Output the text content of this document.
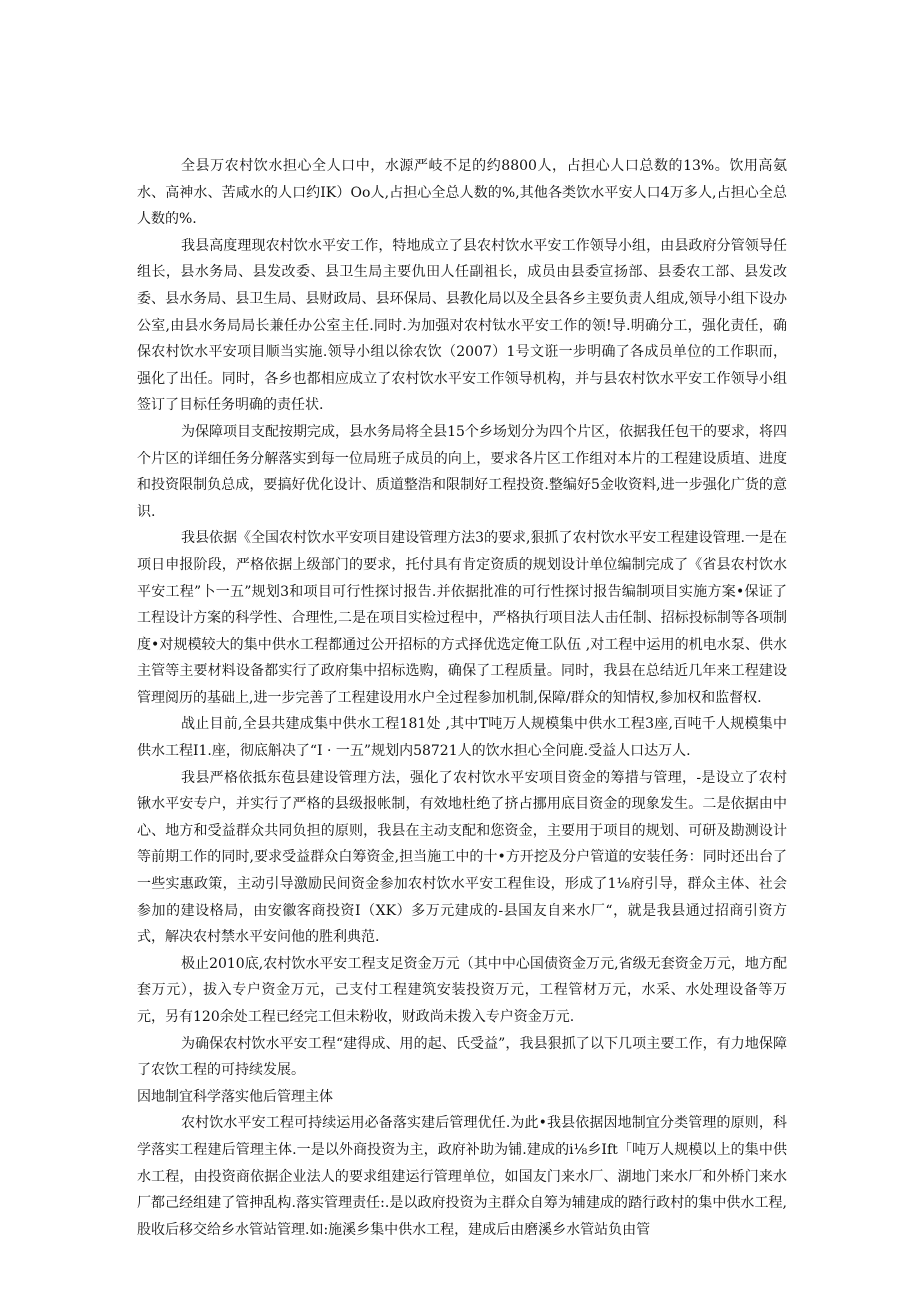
全县万农村饮水担心全人口中，水源严岐不足的约8800人，占担心人口总数的13%。饮用高氨水、高神水、苦咸水的人口约IK）Oo人,占担心全总人数的%,其他各类饮水平安人口4万多人,占担心全总人数的%.

我县高度理现农村饮水平安工作，特地成立了县农村饮水平安工作领导小组，由县政府分管领导任组长，县水务局、县发改委、县卫生局主要仇田人任副祖长，成员由县委宣扬部、县委农工部、县发改委、县水务局、县卫生局、县财政局、县环保局、县教化局以及全县各乡主要负责人组成,领导小组下设办公室,由县水务局局长兼任办公室主任.同时.为加强对农村钛水平安工作的领!导.明确分工，强化责任，确保农村饮水平安项目顺当实施.领导小组以徐农饮（2007）1号文诳一步明确了各成员单位的工作职而，强化了出任。同时，各乡也都相应成立了农村饮水平安工作领导机构，并与县农村饮水平安工作领导小组签订了目标任务明确的责任状.

为保障项目支配按期完成，县水务局将全县15个乡场划分为四个片区，依据我任包干的要求，将四个片区的详细任务分解落实到每一位局班子成员的向上，要求各片区工作组对本片的工程建设质埴、进度和投资限制负总成，要搞好优化设计、质道整浩和限制好工程投资.整编好5金收资料,进一步强化广货的意识.

我县依据《全国农村饮水平安项目建设管理方法3的要求,狠抓了农村饮水平安工程建设管理.一是在项日申报阶段，严格依据上级部门的要求，托付具有肯定资质的规划设计单位编制完成了《省县农村饮水平安工程”卜一五”规划3和项目可行性探讨报告.并依据批准的可行性探讨报告编制项目实施方案•保证了工程设计方案的科学性、合理性,二是在项目实检过程中，严格执行项目法人击任制、招标投标制等各项制度•对规模较大的集中供水工程都通过公开招标的方式择优选定俺工队伍 ,对工程中运用的机电水泵、供水主管等主要材料设备都实行了政府集中招标选购，确保了工程质量。同时，我县在总结近几年来工程建设管理阅历的基础上,进一步完善了工程建设用水户全过程参加机制,保障/群众的知情权,参加权和监督权.

战止目前,全县共建成集中供水工程181处 ,其中T吨万人规模集中供水工程3座,百吨千人规模集中供水工程I1.座，彻底斛决了“I · 一五”规划内58721人的饮水担心全问鹿.受益人口达万人.

我县严格依抵东苞县建设管理方法，强化了农村饮水平安项目资金的筹措与管理，-是设立了农村锹水平安专户，并实行了严格的县级报帐制，有效地杜绝了挤占挪用底目资金的现象发生。二是依据由中心、地方和受益群众共同负担的原则，我县在主动支配和您资金，主要用于项目的规划、可研及勘测设计等前期工作的同时,要求受益群众白筹资金,担当施工中的十•方开挖及分户管道的安装任务：同时还出台了一些实惠政策，主动引导激励民间资金参加农村饮水平安工程隹设，形成了1⅛府引导，群众主体、社会参加的建设格局，由安徽客商投资I（XK）多万元建成的-县国友自来水厂“，就是我县通过招商引资方式，解决农村禁水平安问他的胜利典范.

极止2010底,农村饮水平安工程支足资金万元（其中中心国债资金万元,省级无套资金万元，地方配套万元），拔入专户资金万元，己支付工程建筑安装投资万元，工程管材万元，水采、水处理设备等万元，另有120余处工程已经完工但未粉收，财政尚未拨入专户资金万元.

为确保农村饮水平安工程“建得成、用的起、氏受益”，我县狠抓了以下几项主要工作，有力地保障了农饮工程的可持续发展。

因地制宜科学落实他后管理主体

农村饮水平安工程可持续运用必备落实建后管理优任.为此•我县依据因地制宜分类管理的原则，科学落实工程建后管理主体.一是以外商投资为主，政府补助为铺.建成的i⅛乡Ift「吨万人规模以上的集中供水工程，由投资商依据企业法人的要求组建运行管理单位，如国友门来水厂、湖地门来水厂和外桥门来水厂都己经组建了管抻乱构.落实管理责任:.是以政府投资为主群众自筹为辅建成的踏行政村的集中供水工程,股收后移交给乡水管站管理.如:施溪乡集中供水工程，建成后由磨溪乡水管站负由管
